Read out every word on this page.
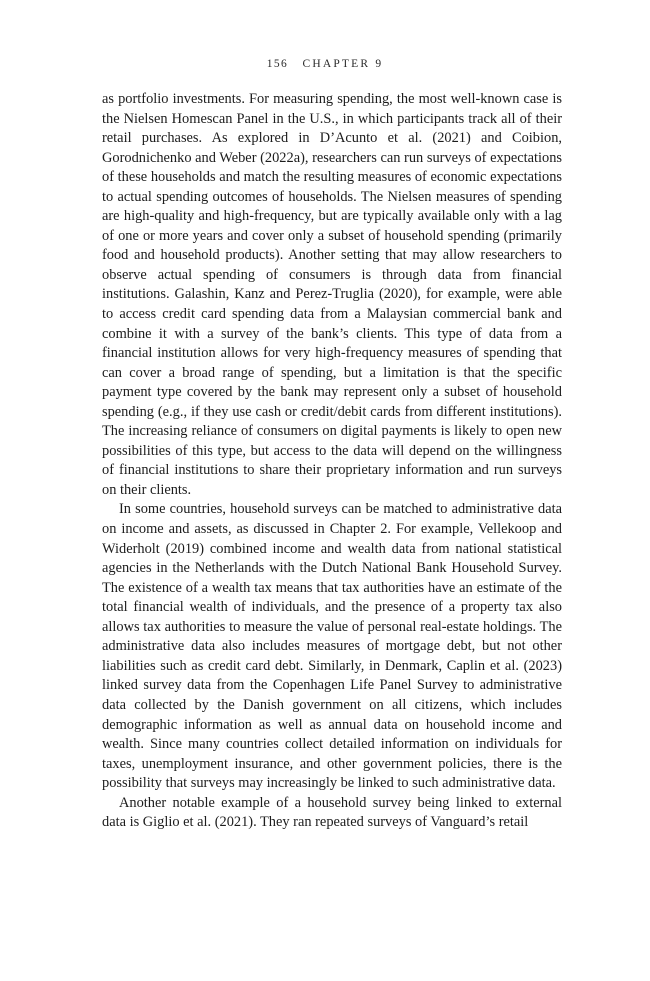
156 CHAPTER 9

as portfolio investments. For measuring spending, the most well-known case is the Nielsen Homescan Panel in the U.S., in which participants track all of their retail purchases. As explored in D’Acunto et al. (2021) and Coibion, Gorodnichenko and Weber (2022a), researchers can run surveys of expectations of these households and match the resulting measures of economic expectations to actual spending outcomes of households. The Nielsen measures of spending are high-quality and high-frequency, but are typically available only with a lag of one or more years and cover only a subset of household spending (primarily food and household products). Another setting that may allow researchers to observe actual spending of consumers is through data from financial institutions. Galashin, Kanz and Perez-Truglia (2020), for example, were able to access credit card spending data from a Malaysian commercial bank and combine it with a survey of the bank’s clients. This type of data from a financial institution allows for very high-frequency measures of spending that can cover a broad range of spending, but a limitation is that the specific payment type covered by the bank may represent only a subset of household spending (e.g., if they use cash or credit/debit cards from different institutions). The increasing reliance of consumers on digital payments is likely to open new possibilities of this type, but access to the data will depend on the willingness of financial institutions to share their proprietary information and run surveys on their clients.

In some countries, household surveys can be matched to administrative data on income and assets, as discussed in Chapter 2. For example, Vellekoop and Widerholt (2019) combined income and wealth data from national statistical agencies in the Netherlands with the Dutch National Bank Household Survey. The existence of a wealth tax means that tax authorities have an estimate of the total financial wealth of individuals, and the presence of a property tax also allows tax authorities to measure the value of personal real-estate holdings. The administrative data also includes measures of mortgage debt, but not other liabilities such as credit card debt. Similarly, in Denmark, Caplin et al. (2023) linked survey data from the Copenhagen Life Panel Survey to administrative data collected by the Danish government on all citizens, which includes demographic information as well as annual data on household income and wealth. Since many countries collect detailed information on individuals for taxes, unemployment insurance, and other government policies, there is the possibility that surveys may increasingly be linked to such administrative data.

Another notable example of a household survey being linked to external data is Giglio et al. (2021). They ran repeated surveys of Vanguard’s retail
